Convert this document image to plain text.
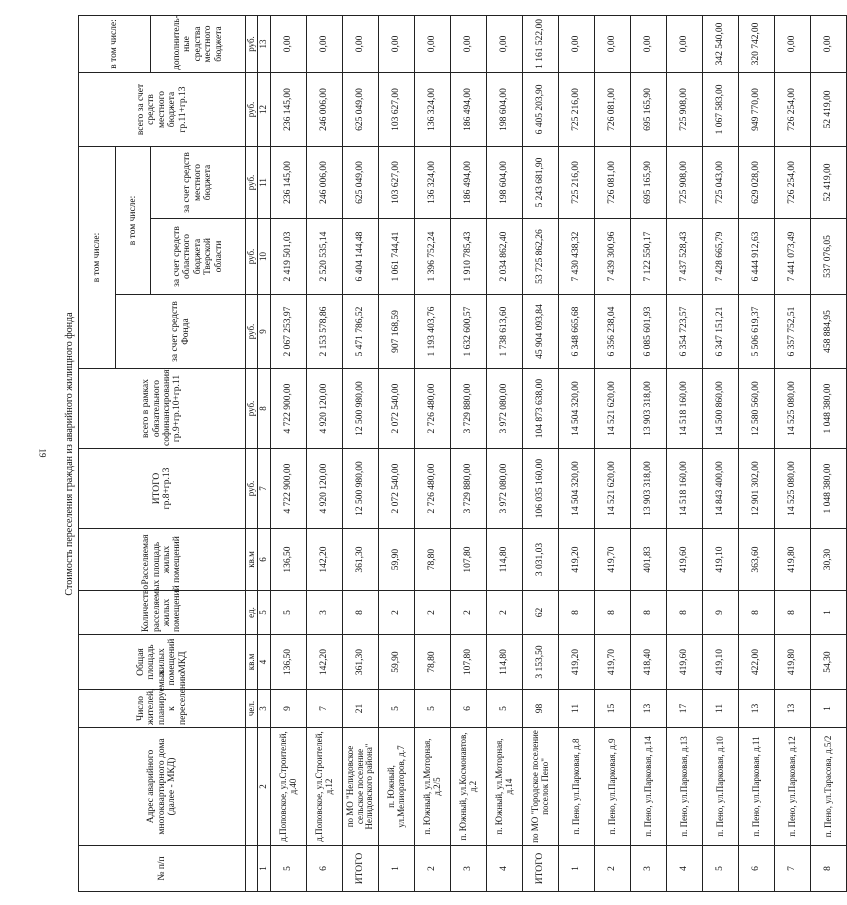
19 Стоимость переселения граждан из аварийного жилищного фонда
№ п/п	Адрес аварийного многоквартирного дома (далее - МКД)	Число жителей, планируемых к переселению	Общая площадь жилых помещений МКД	Количество расселяемых жилых помещений	Расселяемая площадь жилых помещений	ИТОГО гр.8+гр.13	всего в рамках обязательного софинансирования гр.9+гр.10+гр.11	в том числе:			всего за счет средств местного бюджета гр.11+гр.13	в том числе:
								за счет средств Фонда	в том числе:			
									за счет средств областного бюджета Тверской области	за счет средств местного бюджета		дополнитель-ные средства местного бюджета
		чел.	кв.м	ед.	кв.м	руб.	руб.	руб.	руб.	руб.	руб.	руб.
1	2	3	4	5	6	7	8	9	10	11	12	13
5	д.Поповское, ул.Строителей, д.40	9	136,50	5	136,50	4 722 900,00	4 722 900,00	2 067 253,97	2 419 501,03	236 145,00	236 145,00	0,00
6	д.Поповское, ул.Строителей, д.12	7	142,20	3	142,20	4 920 120,00	4 920 120,00	2 153 578,86	2 520 535,14	246 006,00	246 006,00	0,00
ИТОГО	по МО "Нелидовское сельское поселение Нелидовского района"	21	361,30	8	361,30	12 500 980,00	12 500 980,00	5 471 786,52	6 404 144,48	625 049,00	625 049,00	0,00
1	п. Южный, ул.Мелиораторов, д.7	5	59,90	2	59,90	2 072 540,00	2 072 540,00	907 168,59	1 061 744,41	103 627,00	103 627,00	0,00
2	п. Южный, ул.Моторная, д.2/5	5	78,80	2	78,80	2 726 480,00	2 726 480,00	1 193 403,76	1 396 752,24	136 324,00	136 324,00	0,00
3	п. Южный, ул.Космонавтов, д.2	6	107,80	2	107,80	3 729 880,00	3 729 880,00	1 632 600,57	1 910 785,43	186 494,00	186 494,00	0,00
4	п. Южный, ул.Моторная, д.14	5	114,80	2	114,80	3 972 080,00	3 972 080,00	1 738 613,60	2 034 862,40	198 604,00	198 604,00	0,00
ИТОГО	по МО "Городское поселение поселок Пено"	98	3 153,50	62	3 031,03	106 035 160,00	104 873 638,00	45 904 093,84	53 725 862,26	5 243 681,90	6 405 203,90	1 161 522,00
1	п. Пено, ул.Парковая, д.8	11	419,20	8	419,20	14 504 320,00	14 504 320,00	6 348 665,68	7 430 438,32	725 216,00	725 216,00	0,00
2	п. Пено, ул.Парковая, д.9	15	419,70	8	419,70	14 521 620,00	14 521 620,00	6 356 238,04	7 439 300,96	726 081,00	726 081,00	0,00
3	п. Пено, ул.Парковая, д.14	13	418,40	8	401,83	13 903 318,00	13 903 318,00	6 085 601,93	7 122 550,17	695 165,90	695 165,90	0,00
4	п. Пено, ул.Парковая, д.13	17	419,60	8	419,60	14 518 160,00	14 518 160,00	6 354 723,57	7 437 528,43	725 908,00	725 908,00	0,00
5	п. Пено, ул.Парковая, д.10	11	419,10	9	419,10	14 843 400,00	14 500 860,00	6 347 151,21	7 428 665,79	725 043,00	1 067 583,00	342 540,00
6	п. Пено, ул.Парковая, д.11	13	422,00	8	363,60	12 901 302,00	12 580 560,00	5 506 619,37	6 444 912,63	629 028,00	949 770,00	320 742,00
7	п. Пено, ул.Парковая, д.12	13	419,80	8	419,80	14 525 080,00	14 525 080,00	6 357 752,51	7 441 073,49	726 254,00	726 254,00	0,00
8	п. Пено, ул.Тарасова, д.5/2	1	54,30	1	30,30	1 048 380,00	1 048 380,00	458 884,95	537 076,05	52 419,00	52 419,00	0,00
